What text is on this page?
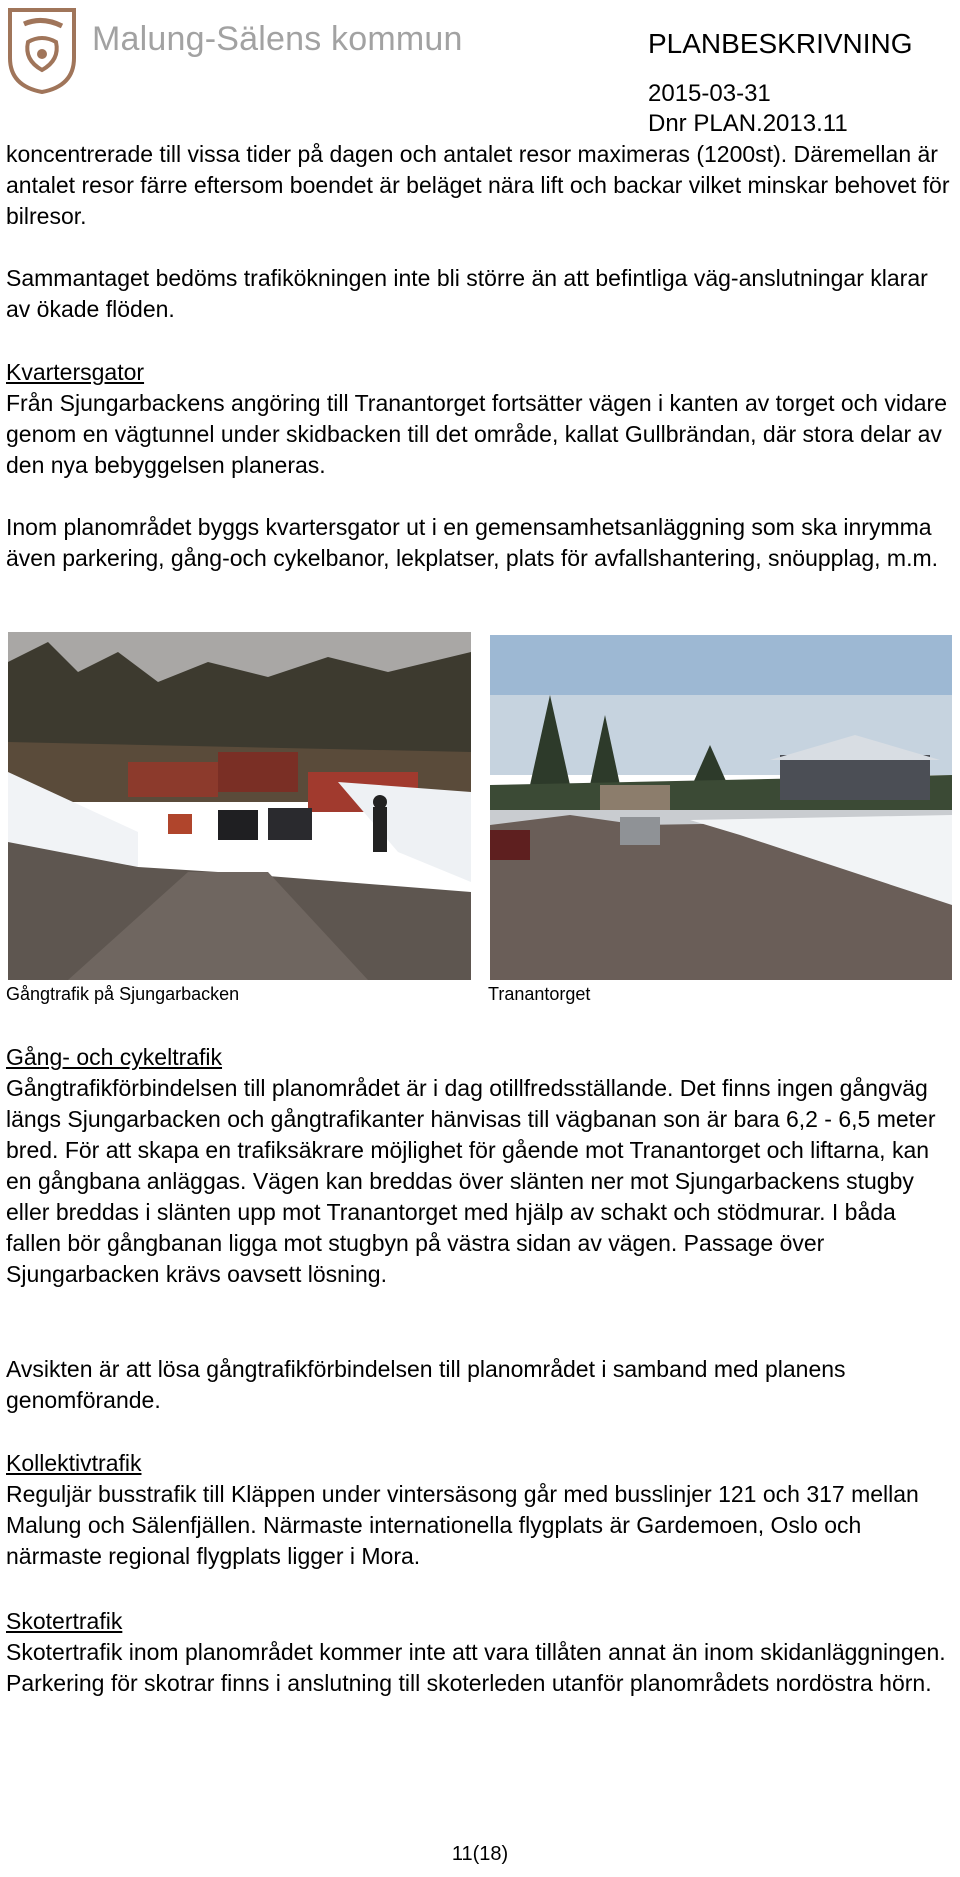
Malung-Sälens kommun	PLANBESKRIVNING
2015-03-31
Dnr PLAN.2013.11

koncentrerade till vissa tider på dagen och antalet resor maximeras (1200st). Däremellan är antalet resor färre eftersom boendet är beläget nära lift och backar vilket minskar behovet för bilresor.

Sammantaget bedöms trafikökningen inte bli större än att befintliga väg-anslutningar klarar av ökade flöden.

Kvartersgator
Från Sjungarbackens angöring till Tranantorget fortsätter vägen i kanten av torget och vidare genom en vägtunnel under skidbacken till det område, kallat Gullbrändan, där stora delar av den nya bebyggelsen planeras.

Inom planområdet byggs kvartersgator ut i en gemensamhetsanläggning som ska inrymma även parkering, gång-och cykelbanor, lekplatser, plats för avfallshantering, snöupplag, m.m.

Gångtrafik på Sjungarbacken	Tranantorget
Gång- och cykeltrafik
Gångtrafikförbindelsen till planområdet är i dag otillfredsställande. Det finns ingen gångväg längs Sjungarbacken och gångtrafikanter hänvisas till vägbanan son är bara 6,2 - 6,5 meter bred. För att skapa en trafiksäkrare möjlighet för gående mot Tranantorget och liftarna, kan en gångbana anläggas. Vägen kan breddas över slänten ner mot Sjungarbackens stugby eller breddas i slänten upp mot Tranantorget med hjälp av schakt och stödmurar. I båda fallen bör gångbanan ligga mot stugbyn på västra sidan av vägen. Passage över Sjungarbacken krävs oavsett lösning.

Avsikten är att lösa gångtrafikförbindelsen till planområdet i samband med planens genomförande.

Kollektivtrafik
Reguljär busstrafik till Kläppen under vintersäsong går med busslinjer 121 och 317 mellan Malung och Sälenfjällen. Närmaste internationella flygplats är Gardemoen, Oslo och närmaste regional flygplats ligger i Mora.
Skotertrafik
Skotertrafik inom planområdet kommer inte att vara tillåten annat än inom skidanläggningen. Parkering för skotrar finns i anslutning till skoterleden utanför planområdets nordöstra hörn.
11(18)
